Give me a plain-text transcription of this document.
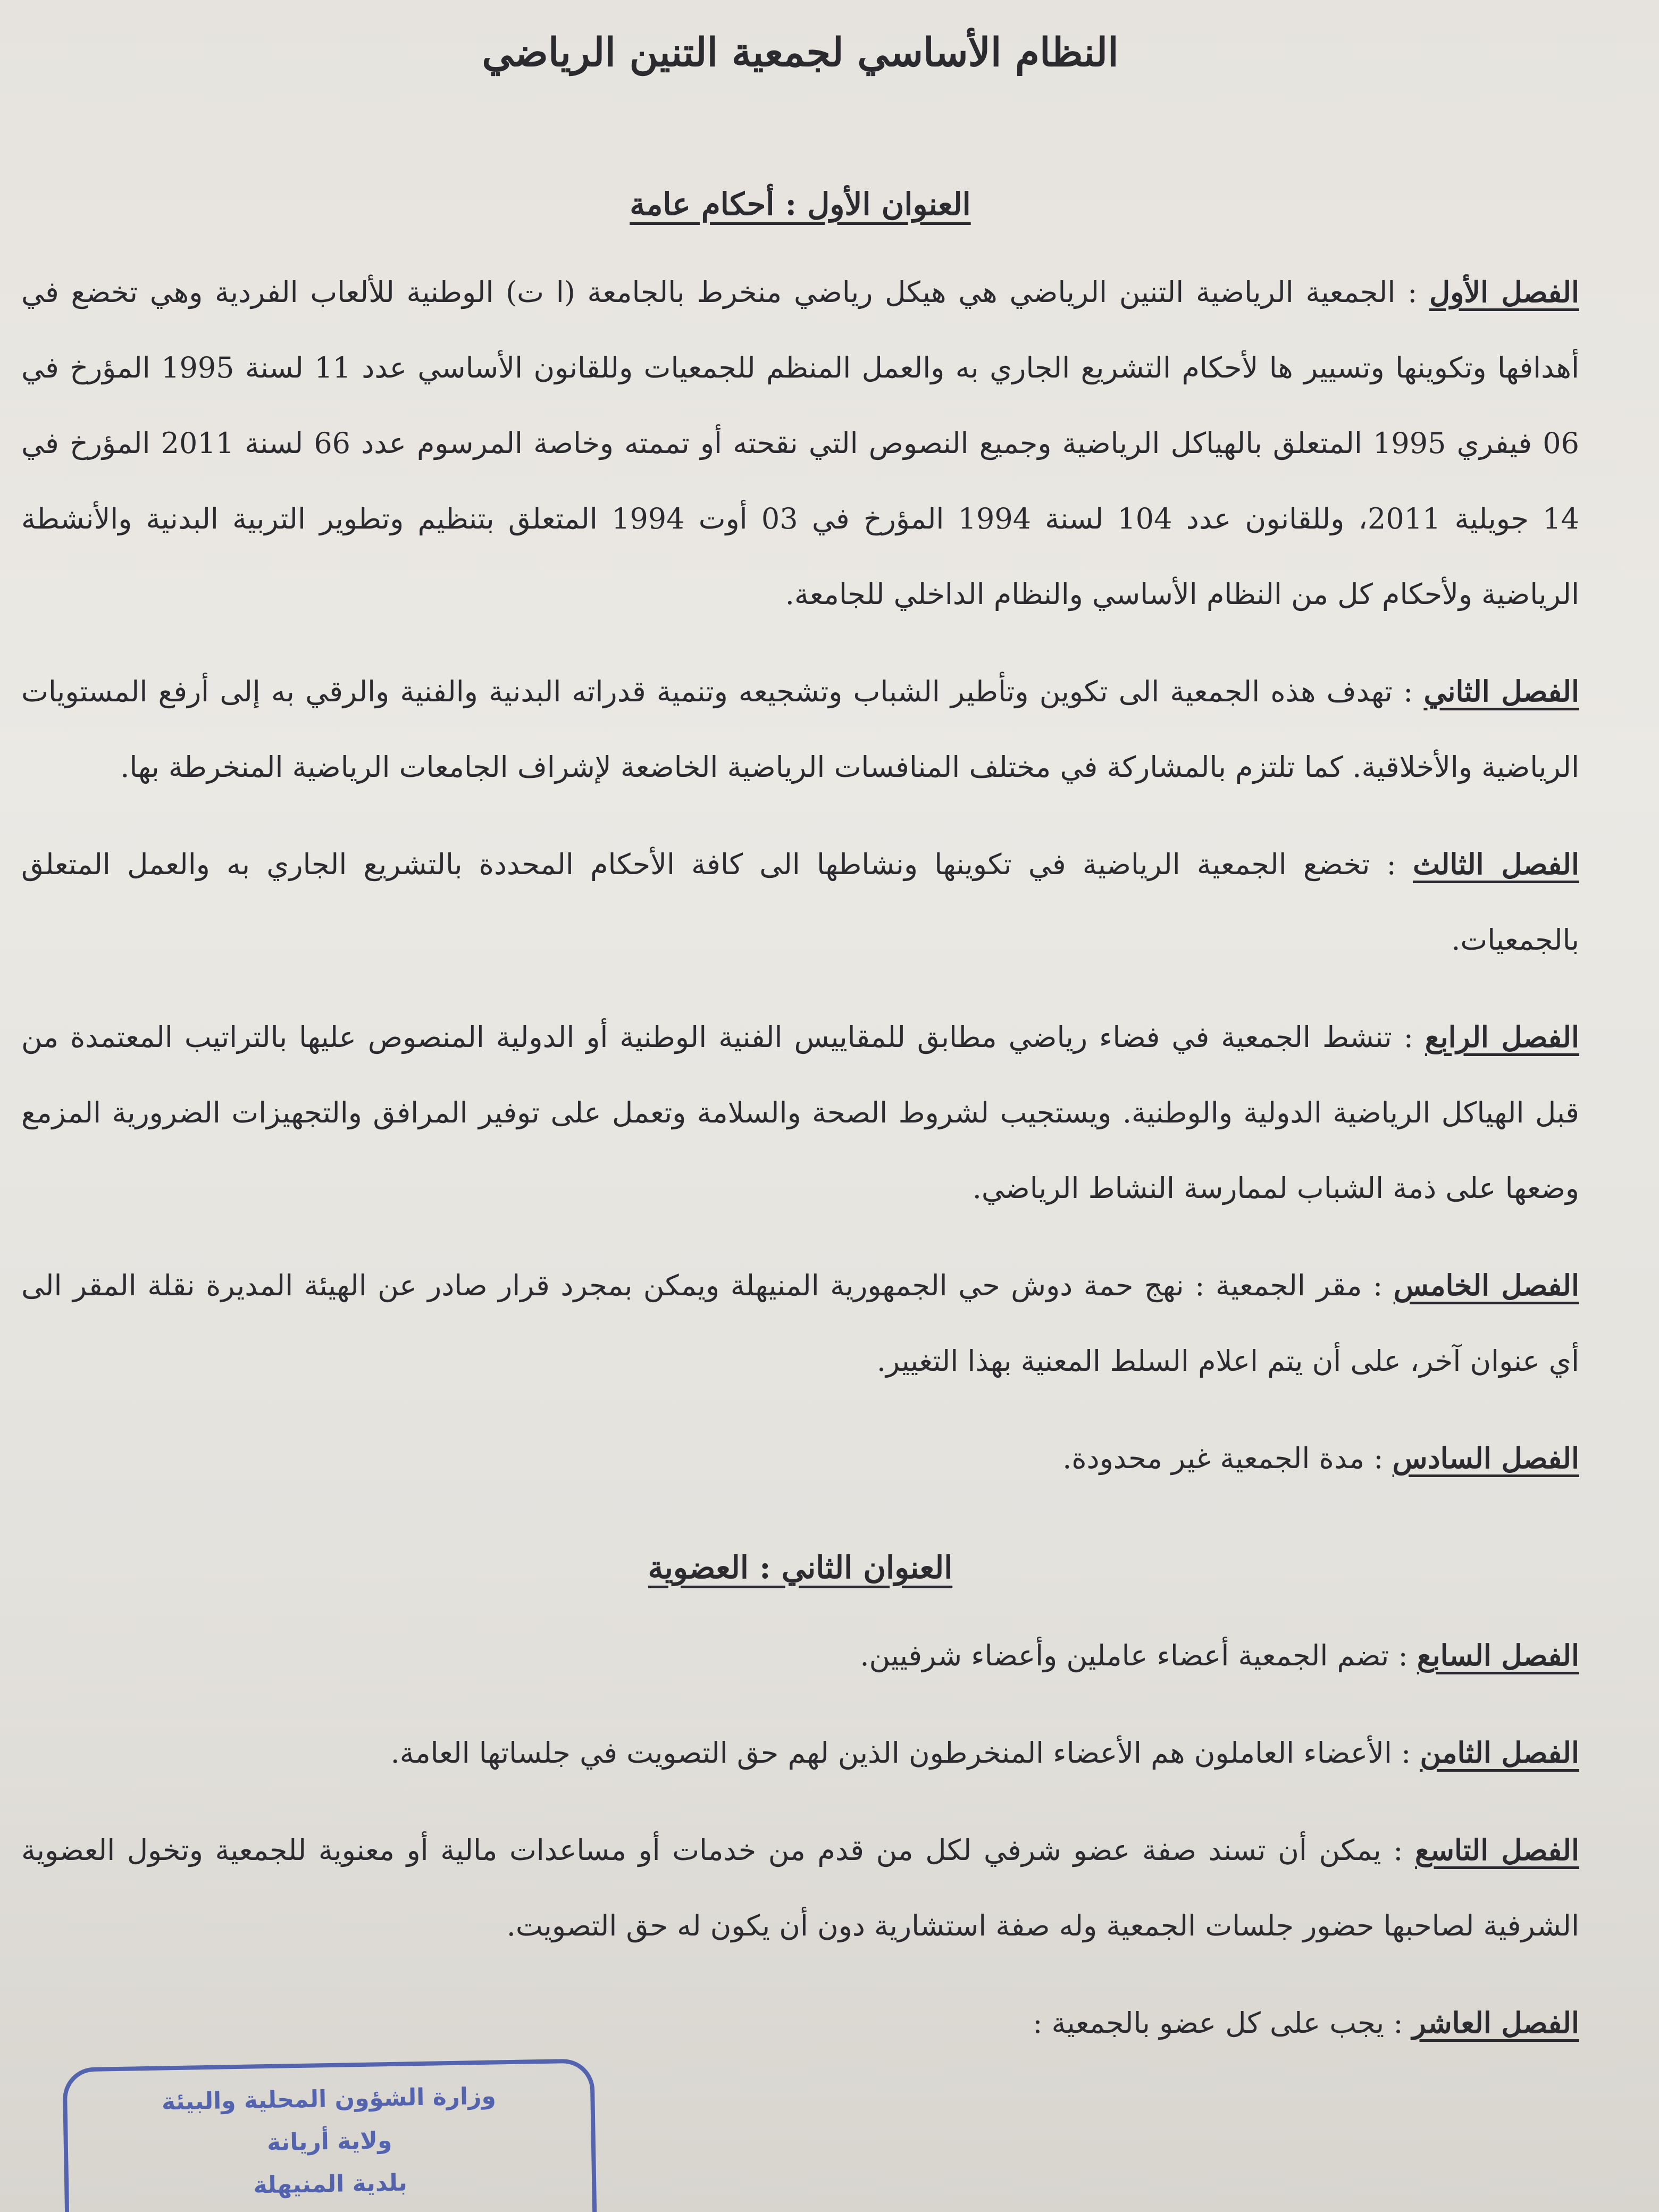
النظام الأساسي لجمعية التنين الرياضي
العنوان الأول : أحكام عامة

الفصل الأول : الجمعية الرياضية التنين الرياضي هي هيكل رياضي منخرط بالجامعة (ا ت) الوطنية للألعاب الفردية وهي تخضع في أهدافها وتكوينها وتسيير ها لأحكام التشريع الجاري به والعمل المنظم للجمعيات وللقانون الأساسي عدد 11 لسنة 1995 المؤرخ في 06 فيفري 1995 المتعلق بالهياكل الرياضية وجميع النصوص التي نقحته أو تممته وخاصة المرسوم عدد 66 لسنة 2011 المؤرخ في 14 جويلية 2011، وللقانون عدد 104 لسنة 1994 المؤرخ في 03 أوت 1994 المتعلق بتنظيم وتطوير التربية البدنية والأنشطة الرياضية ولأحكام كل من النظام الأساسي والنظام الداخلي للجامعة.

الفصل الثاني : تهدف هذه الجمعية الى تكوين وتأطير الشباب وتشجيعه وتنمية قدراته البدنية والفنية والرقي به إلى أرفع المستويات الرياضية والأخلاقية. كما تلتزم بالمشاركة في مختلف المنافسات الرياضية الخاضعة لإشراف الجامعات الرياضية المنخرطة بها.

الفصل الثالث : تخضع الجمعية الرياضية في تكوينها ونشاطها الى كافة الأحكام المحددة بالتشريع الجاري به والعمل المتعلق بالجمعيات.

الفصل الرابع : تنشط الجمعية في فضاء رياضي مطابق للمقاييس الفنية الوطنية أو الدولية المنصوص عليها بالتراتيب المعتمدة من قبل الهياكل الرياضية الدولية والوطنية. ويستجيب لشروط الصحة والسلامة وتعمل على توفير المرافق والتجهيزات الضرورية المزمع وضعها على ذمة الشباب لممارسة النشاط الرياضي.

الفصل الخامس : مقر الجمعية : نهج حمة دوش حي الجمهورية المنيهلة ويمكن بمجرد قرار صادر عن الهيئة المديرة نقلة المقر الى أي عنوان آخر، على أن يتم اعلام السلط المعنية بهذا التغيير.

الفصل السادس : مدة الجمعية غير محدودة.

العنوان الثاني : العضوية

الفصل السابع : تضم الجمعية أعضاء عاملين وأعضاء شرفيين.

الفصل الثامن : الأعضاء العاملون هم الأعضاء المنخرطون الذين لهم حق التصويت في جلساتها العامة.

الفصل التاسع : يمكن أن تسند صفة عضو شرفي لكل من قدم من خدمات أو مساعدات مالية أو معنوية للجمعية وتخول العضوية الشرفية لصاحبها حضور جلسات الجمعية وله صفة استشارية دون أن يكون له حق التصويت.

الفصل العاشر : يجب على كل عضو بالجمعية :

وزارة الشؤون المحلية والبيئة
ولاية أريانة
بلدية المنيهلة
